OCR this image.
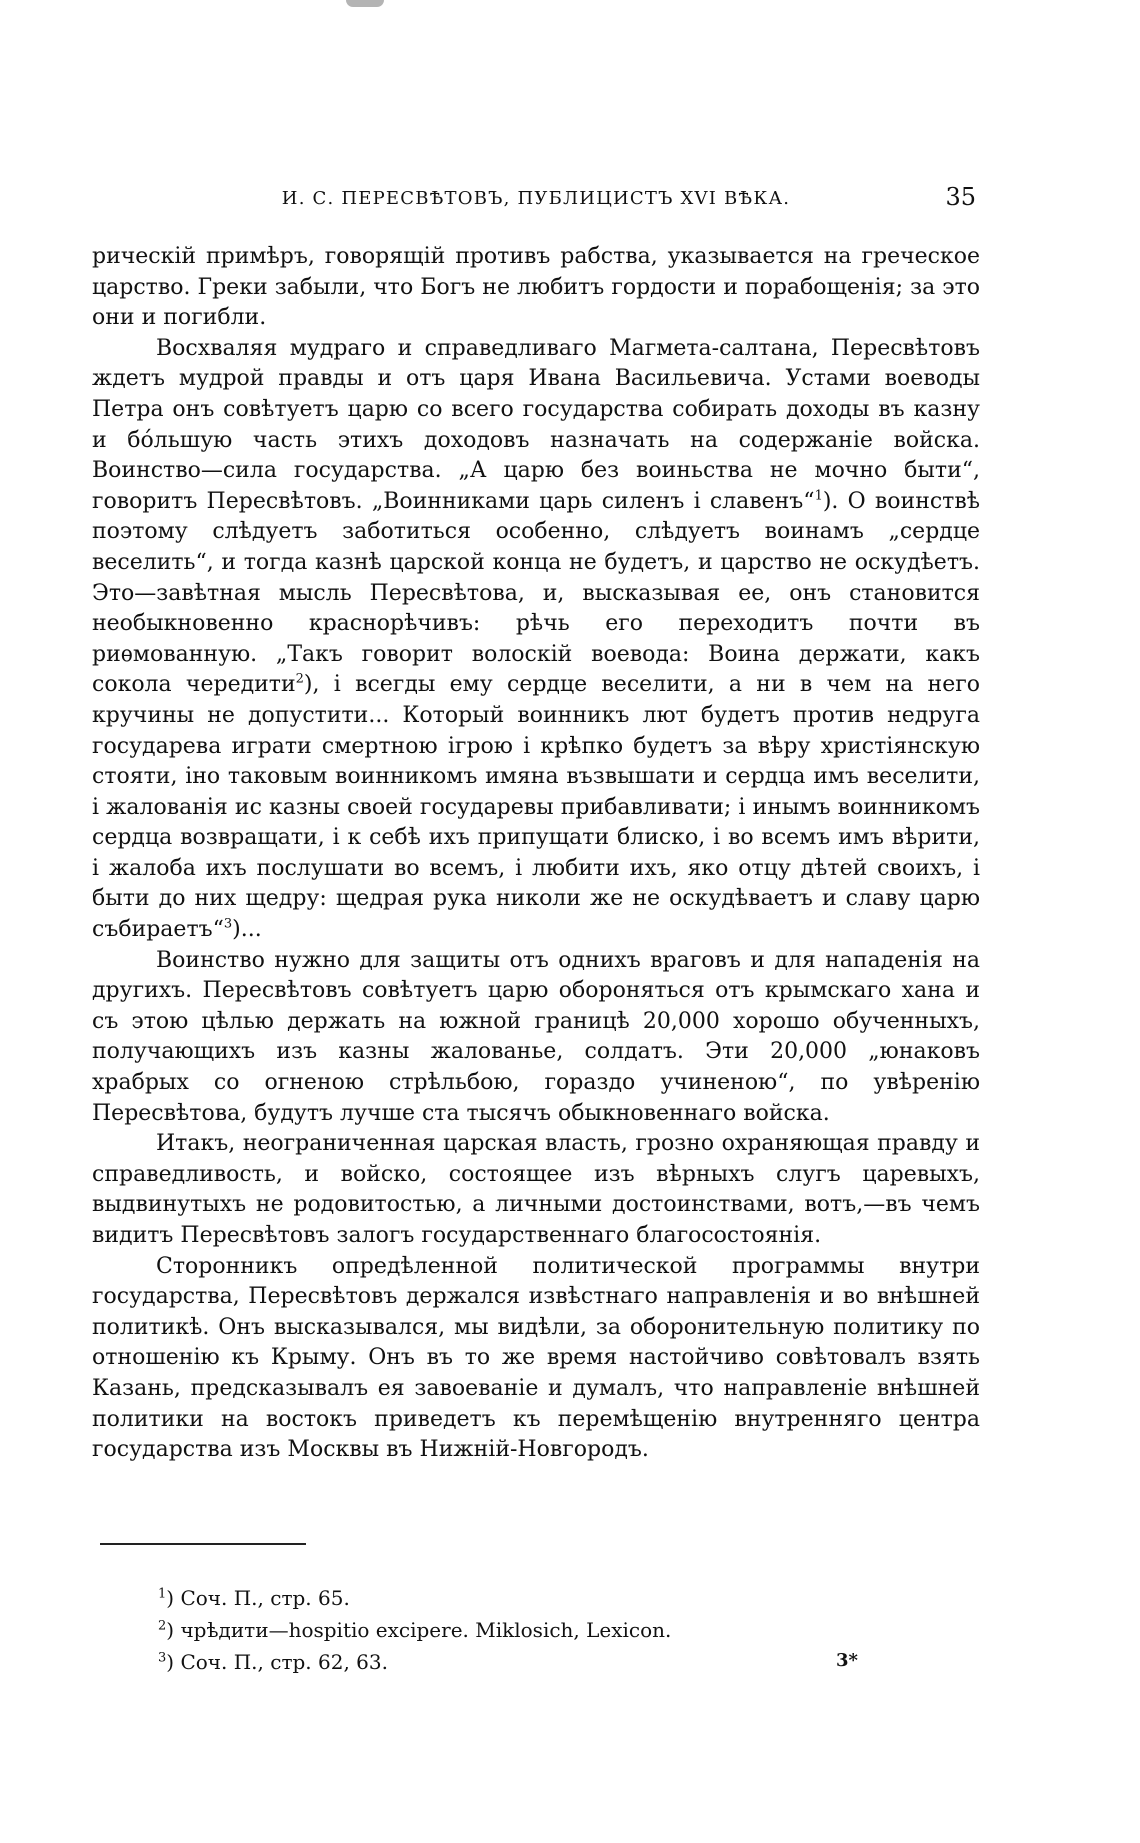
И. С. ПЕРЕСВѢТОВЪ, ПУБЛИЦИСТЪ XVI ВѢКА.	35

рическій примѣръ, говорящій противъ рабства, указывается на греческое царство. Греки забыли, что Богъ не любитъ гордости и порабощенія; за это они и погибли.

Восхваляя мудраго и справедливаго Магмета-салтана, Пересвѣтовъ ждетъ мудрой правды и отъ царя Ивана Васильевича. Устами воеводы Петра онъ совѣтуетъ царю со всего государства собирать доходы въ казну и бо́льшую часть этихъ доходовъ назначать на содержаніе войска. Воинство—сила государства. „А царю без воиньства не мочно быти“, говоритъ Пересвѣтовъ. „Воинниками царь силенъ і славенъ“$^1$). О воинствѣ поэтому слѣдуетъ заботиться особенно, слѣдуетъ воинамъ „сердце веселить“, и тогда казнѣ царской конца не будетъ, и царство не оскудѣетъ. Это—завѣтная мысль Пересвѣтова, и, высказывая ее, онъ становится необыкновенно краснорѣчивъ: рѣчь его переходитъ почти въ риѳмованную. „Такъ говорит волоскій воевода: Воина держати, какъ сокола чередити$^2$), і всегды ему сердце веселити, а ни в чем на него кручины не допустити... Который воинникъ лют будетъ против недруга государева играти смертною ігрою і крѣпко будетъ за вѣру христіянскую стояти, іно таковым воинникомъ имяна възвышати и сердца имъ веселити, і жалованія ис казны своей государевы прибавливати; і инымъ воинникомъ сердца возвращати, і к себѣ ихъ припущати блиско, і во всемъ имъ вѣрити, і жалоба ихъ послушати во всемъ, і любити ихъ, яко отцу дѣтей своихъ, і быти до них щедру: щедрая рука николи же не оскудѣваетъ и славу царю събираетъ“$^3$)...

Воинство нужно для защиты отъ одниxъ враговъ и для нападенія на другихъ. Пересвѣтовъ совѣтуетъ царю обороняться отъ крымскаго хана и съ этою цѣлью держать на южной границѣ 20,000 хорошо обученныхъ, получающихъ изъ казны жалованье, солдатъ. Эти 20,000 „юнаковъ храбрых со огненою стрѣльбою, гораздо учиненою“, по увѣренію Пересвѣтова, будутъ лучше ста тысячъ обыкновеннаго войска.

Итакъ, неограниченная царская власть, грозно охраняющая правду и справедливость, и войско, состоящее изъ вѣрныхъ слугъ царевыхъ, выдвинутыхъ не родовитостью, а личными достоинствами, вотъ,—въ чемъ видитъ Пересвѣтовъ залогъ государственнаго благосостоянія.

Сторонникъ опредѣленной политической программы внутри государства, Пересвѣтовъ держался извѣстнаго направленія и во внѣшней политикѣ. Онъ высказывался, мы видѣли, за оборонительную политику по отношенію къ Крыму. Онъ въ то же время настойчиво совѣтовалъ взять Казань, предсказывалъ ея завоеваніе и думалъ, что направленіе внѣшней политики на востокъ приведетъ къ перемѣщенію внутренняго центра государства изъ Москвы въ Нижній-Новгородъ.

$^1$) Соч. П., стр. 65.
$^2$) чрѣдити—hospitio excipere. Miklosich, Lexicon.
$^3$) Соч. П., стр. 62, 63.	3*
